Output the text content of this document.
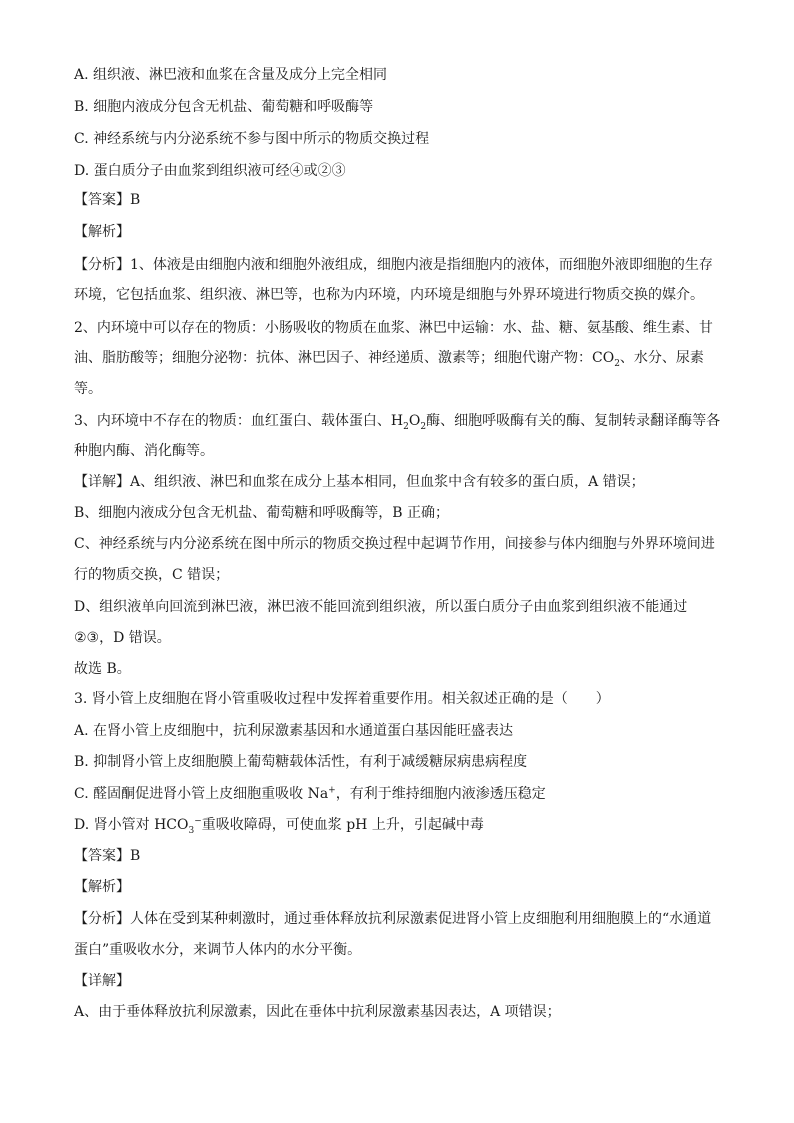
A. 组织液、淋巴液和血浆在含量及成分上完全相同
B. 细胞内液成分包含无机盐、葡萄糖和呼吸酶等
C. 神经系统与内分泌系统不参与图中所示的物质交换过程
D. 蛋白质分子由血浆到组织液可经④或②③
【答案】B
【解析】
【分析】1、体液是由细胞内液和细胞外液组成，细胞内液是指细胞内的液体，而细胞外液即细胞的生存
环境，它包括血浆、组织液、淋巴等，也称为内环境，内环境是细胞与外界环境进行物质交换的媒介。
2、内环境中可以存在的物质：小肠吸收的物质在血浆、淋巴中运输：水、盐、糖、氨基酸、维生素、甘
油、脂肪酸等；细胞分泌物：抗体、淋巴因子、神经递质、激素等；细胞代谢产物：$CO_2$、水分、尿素
等。
3、内环境中不存在的物质：血红蛋白、载体蛋白、$H_2O_2$酶、细胞呼吸酶有关的酶、复制转录翻译酶等各
种胞内酶、消化酶等。
【详解】A、组织液、淋巴和血浆在成分上基本相同，但血浆中含有较多的蛋白质，A 错误；
B、细胞内液成分包含无机盐、葡萄糖和呼吸酶等，B 正确；
C、神经系统与内分泌系统在图中所示的物质交换过程中起调节作用，间接参与体内细胞与外界环境间进
行的物质交换，C 错误；
D、组织液单向回流到淋巴液，淋巴液不能回流到组织液，所以蛋白质分子由血浆到组织液不能通过
②③，D 错误。
故选 B。
3. 肾小管上皮细胞在肾小管重吸收过程中发挥着重要作用。相关叙述正确的是（　　）
A. 在肾小管上皮细胞中，抗利尿激素基因和水通道蛋白基因能旺盛表达
B. 抑制肾小管上皮细胞膜上葡萄糖载体活性，有利于减缓糖尿病患病程度
C. 醛固酮促进肾小管上皮细胞重吸收 Na+，有利于维持细胞内液渗透压稳定
D. 肾小管对 $HCO_3^-$重吸收障碍，可使血浆 pH 上升，引起碱中毒
【答案】B
【解析】
【分析】人体在受到某种刺激时，通过垂体释放抗利尿激素促进肾小管上皮细胞利用细胞膜上的“水通道
蛋白”重吸收水分，来调节人体内的水分平衡。
【详解】
A、由于垂体释放抗利尿激素，因此在垂体中抗利尿激素基因表达，A 项错误；
